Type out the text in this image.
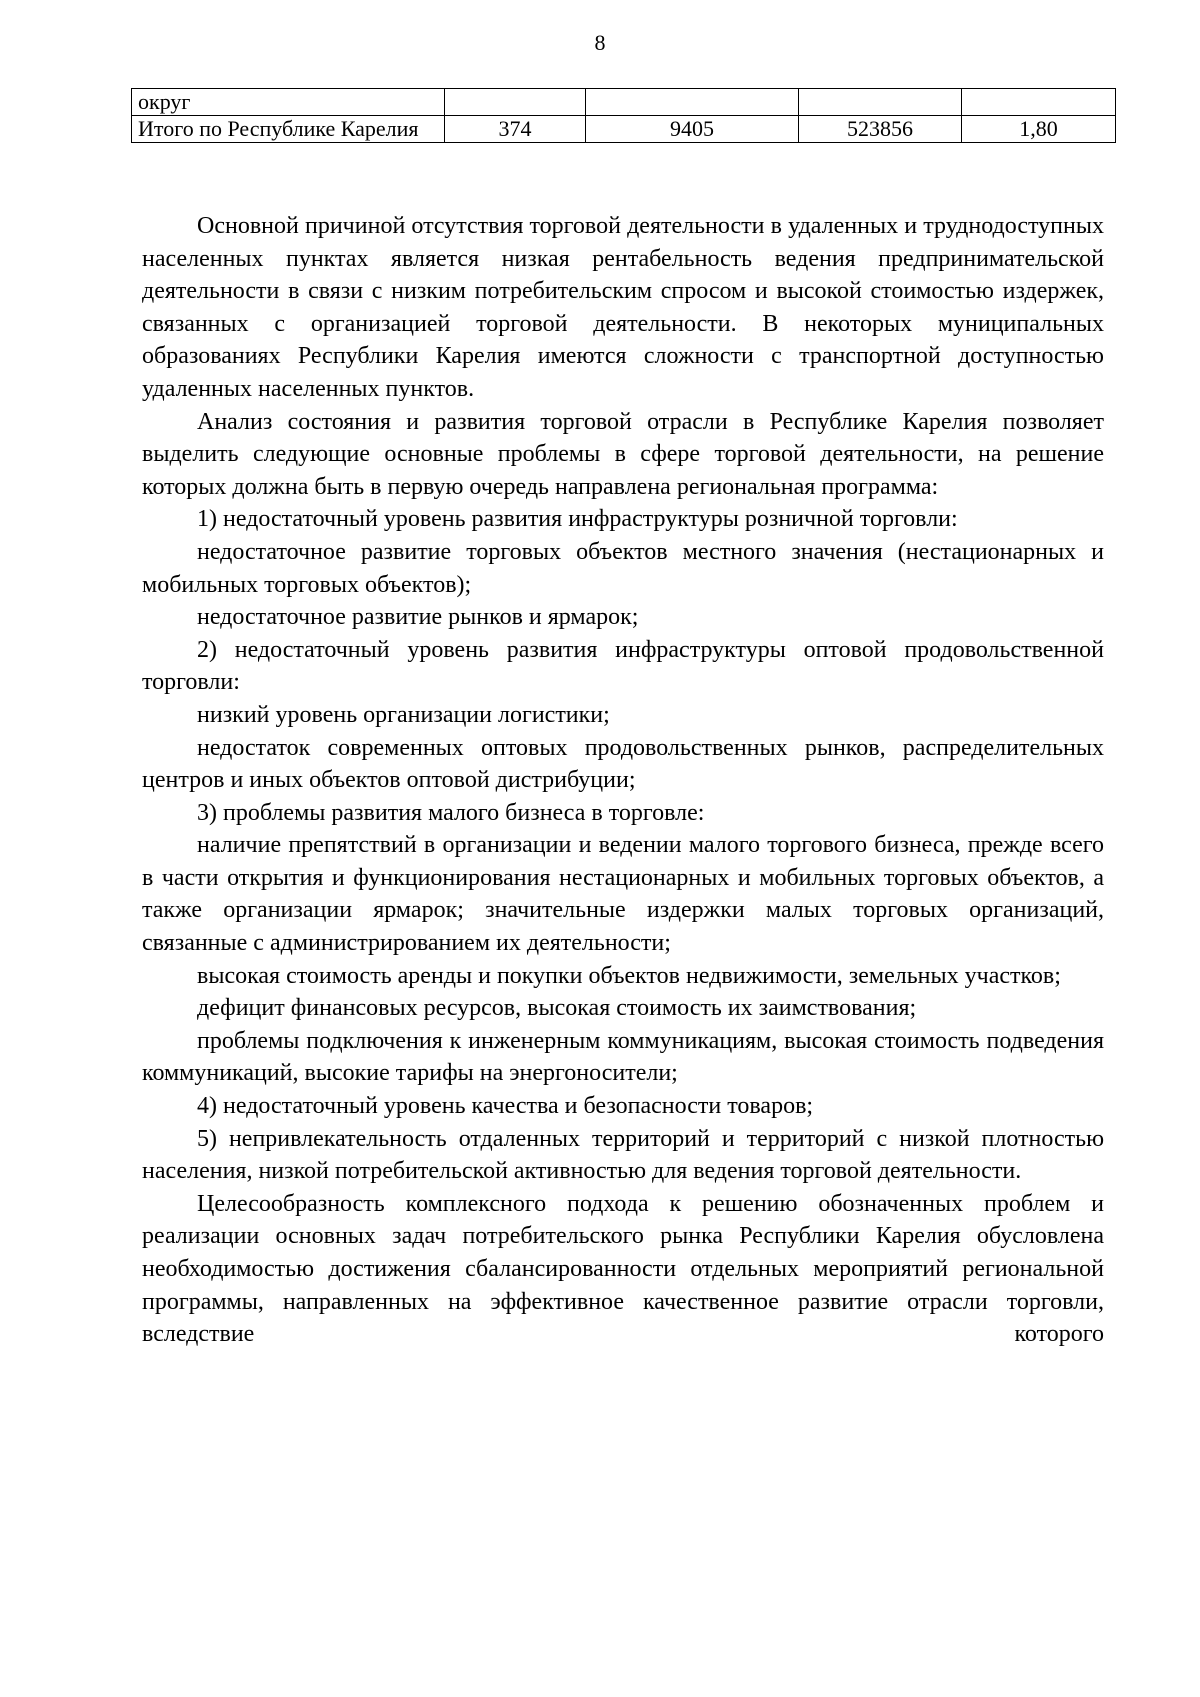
8
округ				
Итого по Республике Карелия	374	9405	523856	1,80

Основной причиной отсутствия торговой деятельности в удаленных и труднодоступных населенных пунктах является низкая рентабельность ведения предпринимательской деятельности в связи с низким потребительским спросом и высокой стоимостью издержек, связанных с организацией торговой деятельности. В некоторых муниципальных образованиях Республики Карелия имеются сложности с транспортной доступностью удаленных населенных пунктов.

Анализ состояния и развития торговой отрасли в Республике Карелия позволяет выделить следующие основные проблемы в сфере торговой деятельности, на решение которых должна быть в первую очередь направлена региональная программа:

1) недостаточный уровень развития инфраструктуры розничной торговли:

недостаточное развитие торговых объектов местного значения (нестационарных и мобильных торговых объектов);

недостаточное развитие рынков и ярмарок;

2) недостаточный уровень развития инфраструктуры оптовой продовольственной торговли:

низкий уровень организации логистики;

недостаток современных оптовых продовольственных рынков, распределительных центров и иных объектов оптовой дистрибуции;

3) проблемы развития малого бизнеса в торговле:

наличие препятствий в организации и ведении малого торгового бизнеса, прежде всего в части открытия и функционирования нестационарных и мобильных торговых объектов, а также организации ярмарок; значительные издержки малых торговых организаций, связанные с администрированием их деятельности;

высокая стоимость аренды и покупки объектов недвижимости, земельных участков;

дефицит финансовых ресурсов, высокая стоимость их заимствования;

проблемы подключения к инженерным коммуникациям, высокая стоимость подведения коммуникаций, высокие тарифы на энергоносители;

4) недостаточный уровень качества и безопасности товаров;

5) непривлекательность отдаленных территорий и территорий с низкой плотностью населения, низкой потребительской активностью для ведения торговой деятельности.

Целесообразность комплексного подхода к решению обозначенных проблем и реализации основных задач потребительского рынка Республики Карелия обусловлена необходимостью достижения сбалансированности отдельных мероприятий региональной программы, направленных на эффективное качественное развитие отрасли торговли, вследствие которого
